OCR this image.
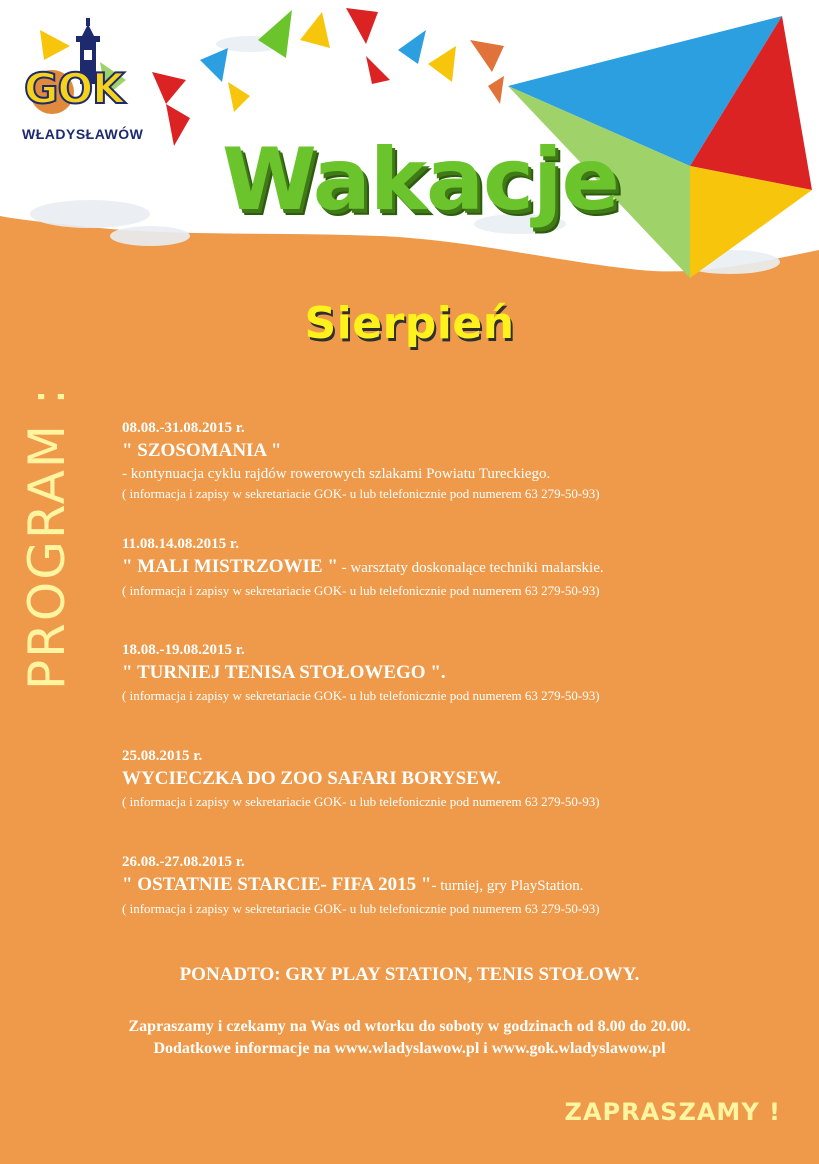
GOK
WŁADYSŁAWÓW Wakacje
Sierpień
PROGRAM :	08.08.-31.08.2015 r.

" SZOSOMANIA "

- kontynuacja cyklu rajdów rowerowych szlakami Powiatu Tureckiego.

( informacja i zapisy w sekretariacie GOK- u lub telefonicznie pod numerem 63 279-50-93)

11.08.14.08.2015 r.

" MALI MISTRZOWIE " - warsztaty doskonalące techniki malarskie.

( informacja i zapisy w sekretariacie GOK- u lub telefonicznie pod numerem 63 279-50-93)

18.08.-19.08.2015 r.

" TURNIEJ TENISA STOŁOWEGO ".

( informacja i zapisy w sekretariacie GOK- u lub telefonicznie pod numerem 63 279-50-93)

25.08.2015 r.

WYCIECZKA DO ZOO SAFARI BORYSEW.

( informacja i zapisy w sekretariacie GOK- u lub telefonicznie pod numerem 63 279-50-93)

26.08.-27.08.2015 r.

" OSTATNIE STARCIE- FIFA 2015 "- turniej, gry PlayStation.

( informacja i zapisy w sekretariacie GOK- u lub telefonicznie pod numerem 63 279-50-93)

PONADTO: GRY PLAY STATION, TENIS STOŁOWY.
Zapraszamy i czekamy na Was od wtorku do soboty w godzinach od 8.00 do 20.00.
Dodatkowe informacje na www.wladyslawow.pl i www.gok.wladyslawow.pl
ZAPRASZAMY !
